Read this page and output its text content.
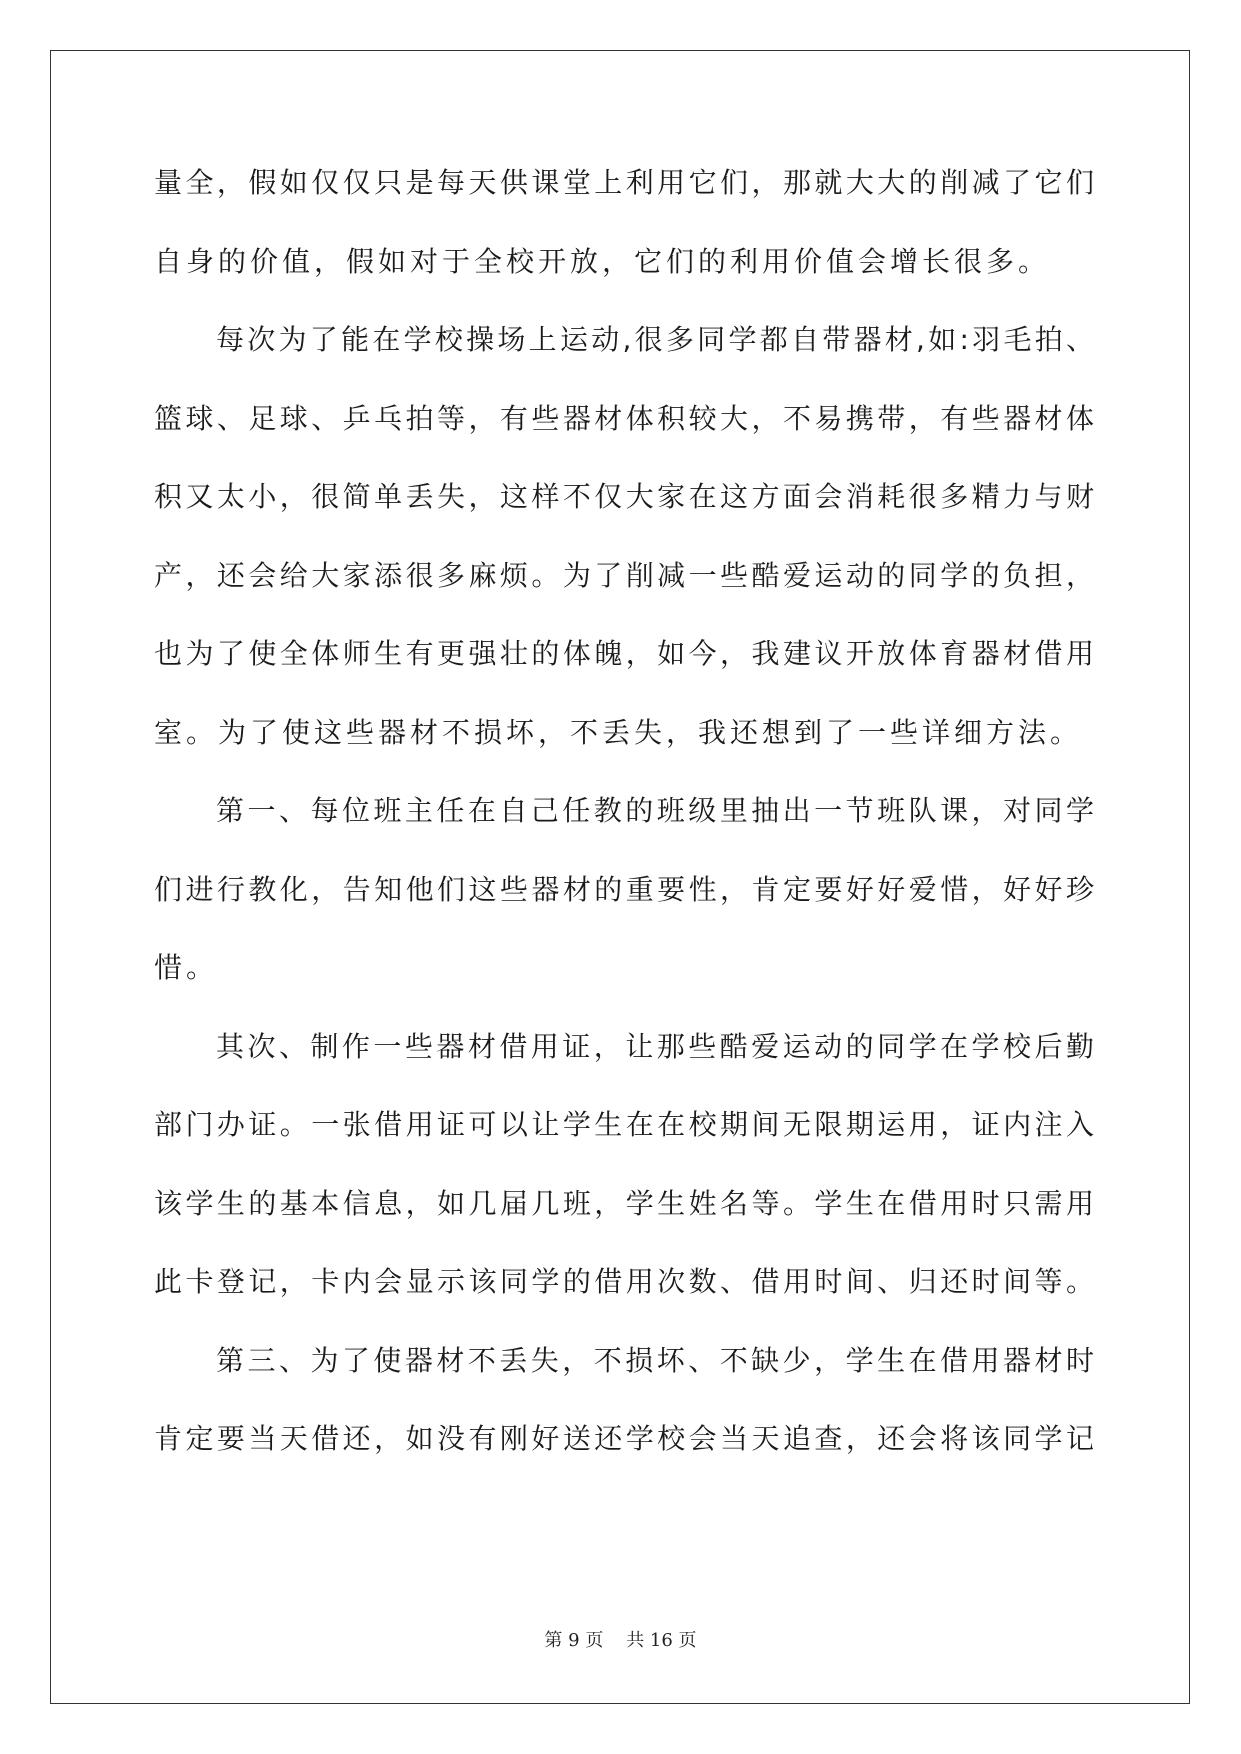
量全，假如仅仅只是每天供课堂上利用它们，那就大大的削减了它们
自身的价值，假如对于全校开放，它们的利用价值会增长很多。
每次为了能在学校操场上运动,很多同学都自带器材,如:羽毛拍、
篮球、足球、乒乓拍等，有些器材体积较大，不易携带，有些器材体
积又太小，很简单丢失，这样不仅大家在这方面会消耗很多精力与财
产，还会给大家添很多麻烦。为了削减一些酷爱运动的同学的负担，
也为了使全体师生有更强壮的体魄，如今，我建议开放体育器材借用
室。为了使这些器材不损坏，不丢失，我还想到了一些详细方法。
第一、每位班主任在自己任教的班级里抽出一节班队课，对同学
们进行教化，告知他们这些器材的重要性，肯定要好好爱惜，好好珍
惜。
其次、制作一些器材借用证，让那些酷爱运动的同学在学校后勤
部门办证。一张借用证可以让学生在在校期间无限期运用，证内注入
该学生的基本信息，如几届几班，学生姓名等。学生在借用时只需用
此卡登记，卡内会显示该同学的借用次数、借用时间、归还时间等。
第三、为了使器材不丢失，不损坏、不缺少，学生在借用器材时
肯定要当天借还，如没有刚好送还学校会当天追查，还会将该同学记
第 9 页    共 16 页
